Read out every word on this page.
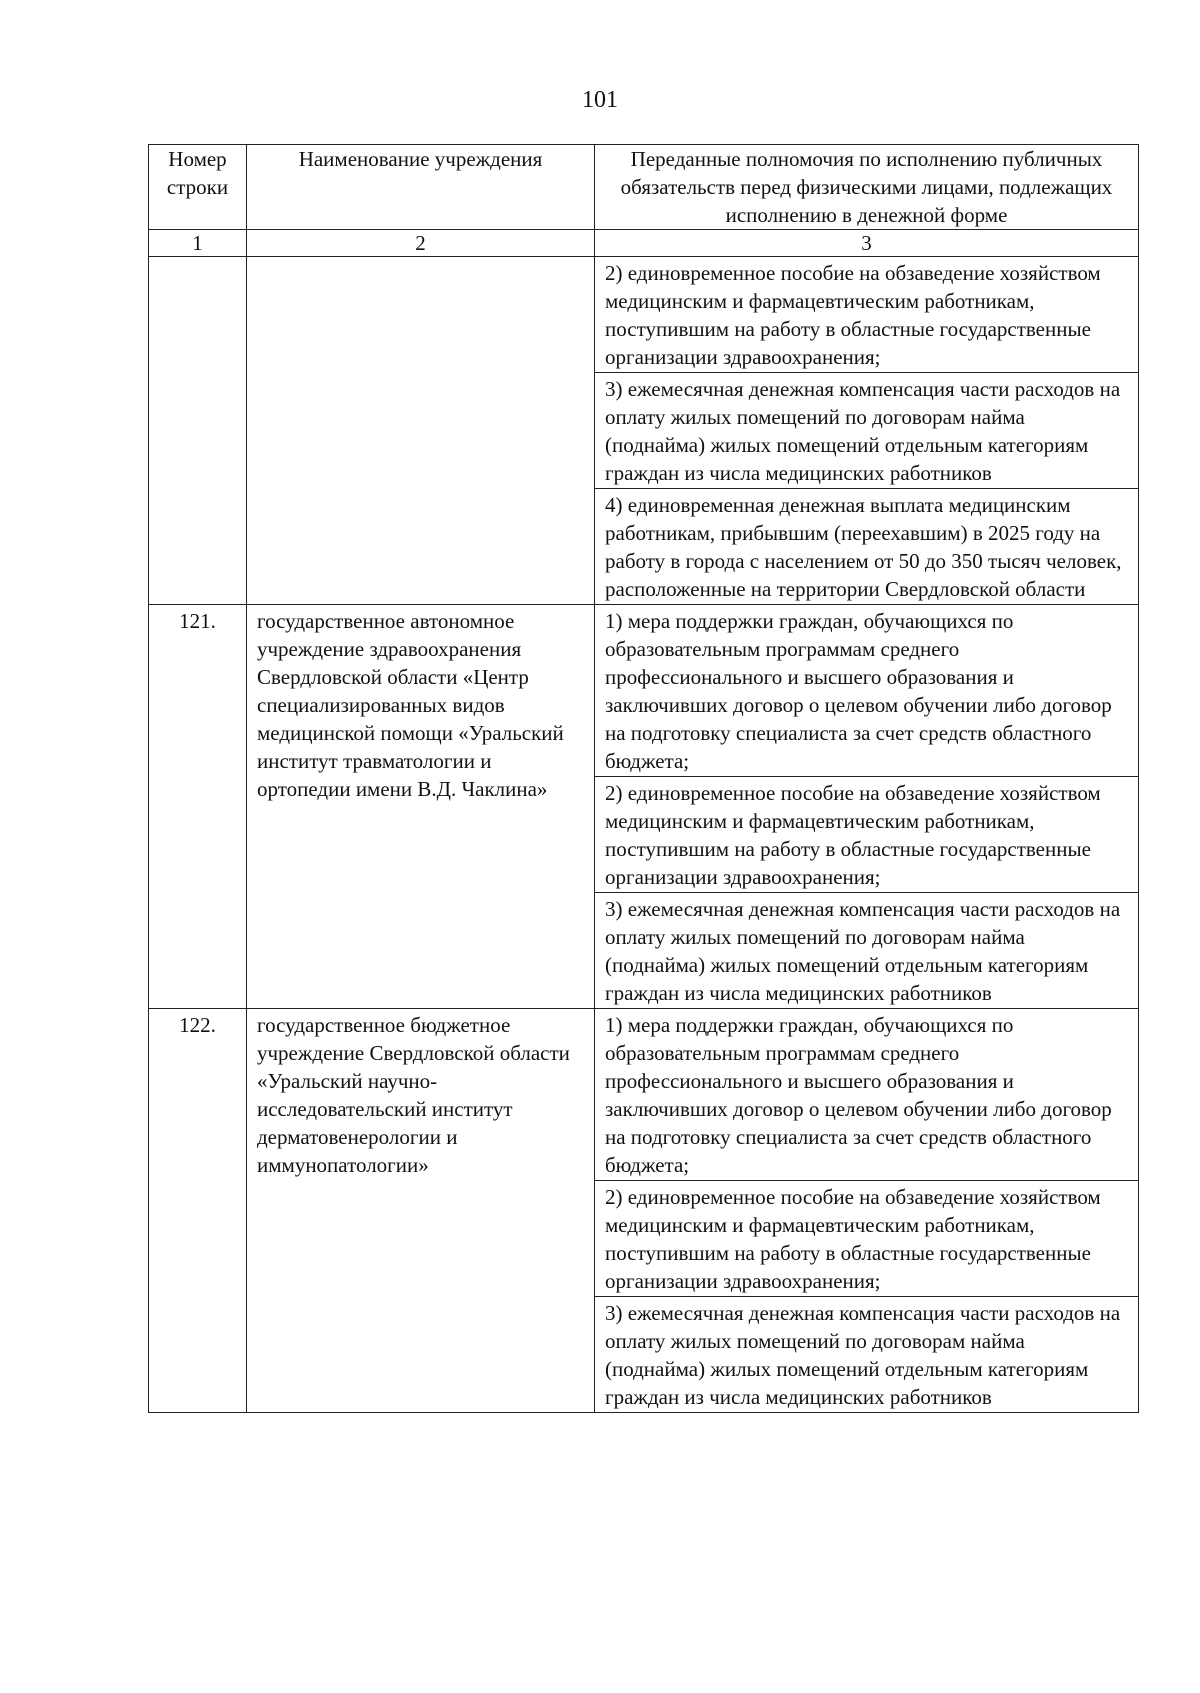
101
Номер строки	Наименование учреждения	Переданные полномочия по исполнению публичных обязательств перед физическими лицами, подлежащих исполнению в денежной форме
1	2	3
		2) единовременное пособие на обзаведение хозяйством медицинским и фармацевтическим работникам, поступившим на работу в областные государственные организации здравоохранения;
		3) ежемесячная денежная компенсация части расходов на оплату жилых помещений по договорам найма (поднайма) жилых помещений отдельным категориям граждан из числа медицинских работников
		4) единовременная денежная выплата медицинским работникам, прибывшим (переехавшим) в 2025 году на работу в города с населением от 50 до 350 тысяч человек, расположенные на территории Свердловской области
121.	государственное автономное учреждение здравоохранения Свердловской области «Центр специализированных видов медицинской помощи «Уральский институт травматологии и ортопедии имени В.Д. Чаклина»	1) мера поддержки граждан, обучающихся по образовательным программам среднего профессионального и высшего образования и заключивших договор о целевом обучении либо договор на подготовку специалиста за счет средств областного бюджета;
		2) единовременное пособие на обзаведение хозяйством медицинским и фармацевтическим работникам, поступившим на работу в областные государственные организации здравоохранения;
		3) ежемесячная денежная компенсация части расходов на оплату жилых помещений по договорам найма (поднайма) жилых помещений отдельным категориям граждан из числа медицинских работников
122.	государственное бюджетное учреждение Свердловской области «Уральский научно-исследовательский институт дерматовенерологии и иммунопатологии»	1) мера поддержки граждан, обучающихся по образовательным программам среднего профессионального и высшего образования и заключивших договор о целевом обучении либо договор на подготовку специалиста за счет средств областного бюджета;
		2) единовременное пособие на обзаведение хозяйством медицинским и фармацевтическим работникам, поступившим на работу в областные государственные организации здравоохранения;
		3) ежемесячная денежная компенсация части расходов на оплату жилых помещений по договорам найма (поднайма) жилых помещений отдельным категориям граждан из числа медицинских работников
